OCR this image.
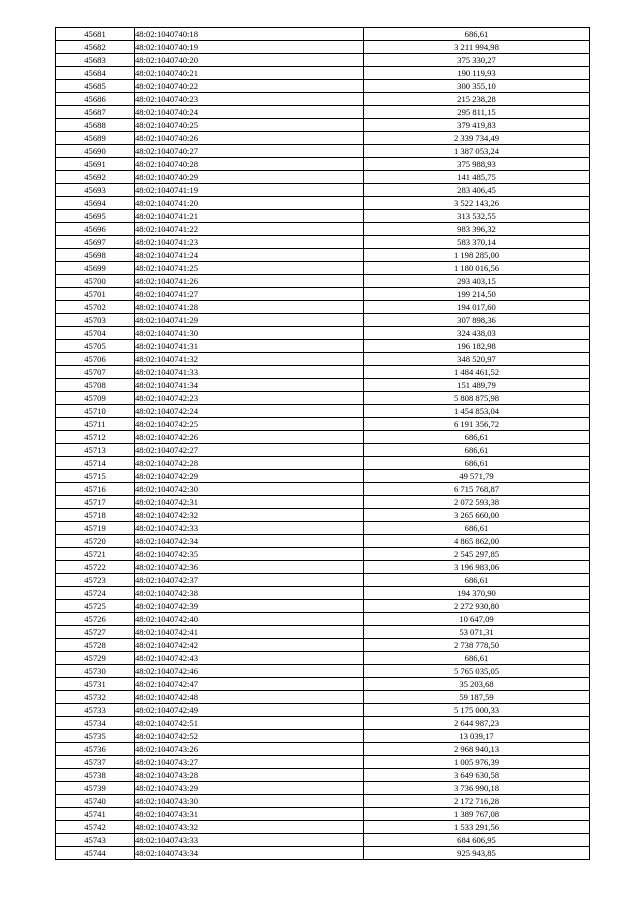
45681	48:02:1040740:18	686,61
45682	48:02:1040740:19	3 211 994,98
45683	48:02:1040740:20	375 330,27
45684	48:02:1040740:21	190 119,93
45685	48:02:1040740:22	300 355,10
45686	48:02:1040740:23	215 238,28
45687	48:02:1040740:24	295 811,15
45688	48:02:1040740:25	379 419,83
45689	48:02:1040740:26	2 339 734,49
45690	48:02:1040740:27	1 387 053,24
45691	48:02:1040740:28	375 988,93
45692	48:02:1040740:29	141 485,75
45693	48:02:1040741:19	283 406,45
45694	48:02:1040741:20	3 522 143,26
45695	48:02:1040741:21	313 532,55
45696	48:02:1040741:22	983 396,32
45697	48:02:1040741:23	583 370,14
45698	48:02:1040741:24	1 198 285,00
45699	48:02:1040741:25	1 180 016,56
45700	48:02:1040741:26	293 403,15
45701	48:02:1040741:27	199 214,50
45702	48:02:1040741:28	194 017,60
45703	48:02:1040741:29	307 898,36
45704	48:02:1040741:30	324 438,03
45705	48:02:1040741:31	196 182,98
45706	48:02:1040741:32	348 520,97
45707	48:02:1040741:33	1 484 461,52
45708	48:02:1040741:34	151 489,79
45709	48:02:1040742:23	5 808 875,98
45710	48:02:1040742:24	1 454 853,04
45711	48:02:1040742:25	6 191 356,72
45712	48:02:1040742:26	686,61
45713	48:02:1040742:27	686,61
45714	48:02:1040742:28	686,61
45715	48:02:1040742:29	49 571,79
45716	48:02:1040742:30	6 715 768,87
45717	48:02:1040742:31	2 072 593,38
45718	48:02:1040742:32	3 265 660,00
45719	48:02:1040742:33	686,61
45720	48:02:1040742:34	4 865 862,00
45721	48:02:1040742:35	2 545 297,85
45722	48:02:1040742:36	3 196 983,06
45723	48:02:1040742:37	686,61
45724	48:02:1040742:38	194 370,90
45725	48:02:1040742:39	2 272 930,80
45726	48:02:1040742:40	10 647,09
45727	48:02:1040742:41	53 071,31
45728	48:02:1040742:42	2 738 778,50
45729	48:02:1040742:43	686,61
45730	48:02:1040742:46	5 765 035,05
45731	48:02:1040742:47	35 203,68
45732	48:02:1040742:48	59 187,59
45733	48:02:1040742:49	5 175 000,33
45734	48:02:1040742:51	2 644 987,23
45735	48:02:1040742:52	13 039,17
45736	48:02:1040743:26	2 968 940,13
45737	48:02:1040743:27	1 005 976,39
45738	48:02:1040743:28	3 649 630,58
45739	48:02:1040743:29	3 736 990,18
45740	48:02:1040743:30	2 172 716,28
45741	48:02:1040743:31	1 389 767,08
45742	48:02:1040743:32	1 533 291,56
45743	48:02:1040743:33	684 606,95
45744	48:02:1040743:34	925 943,85
